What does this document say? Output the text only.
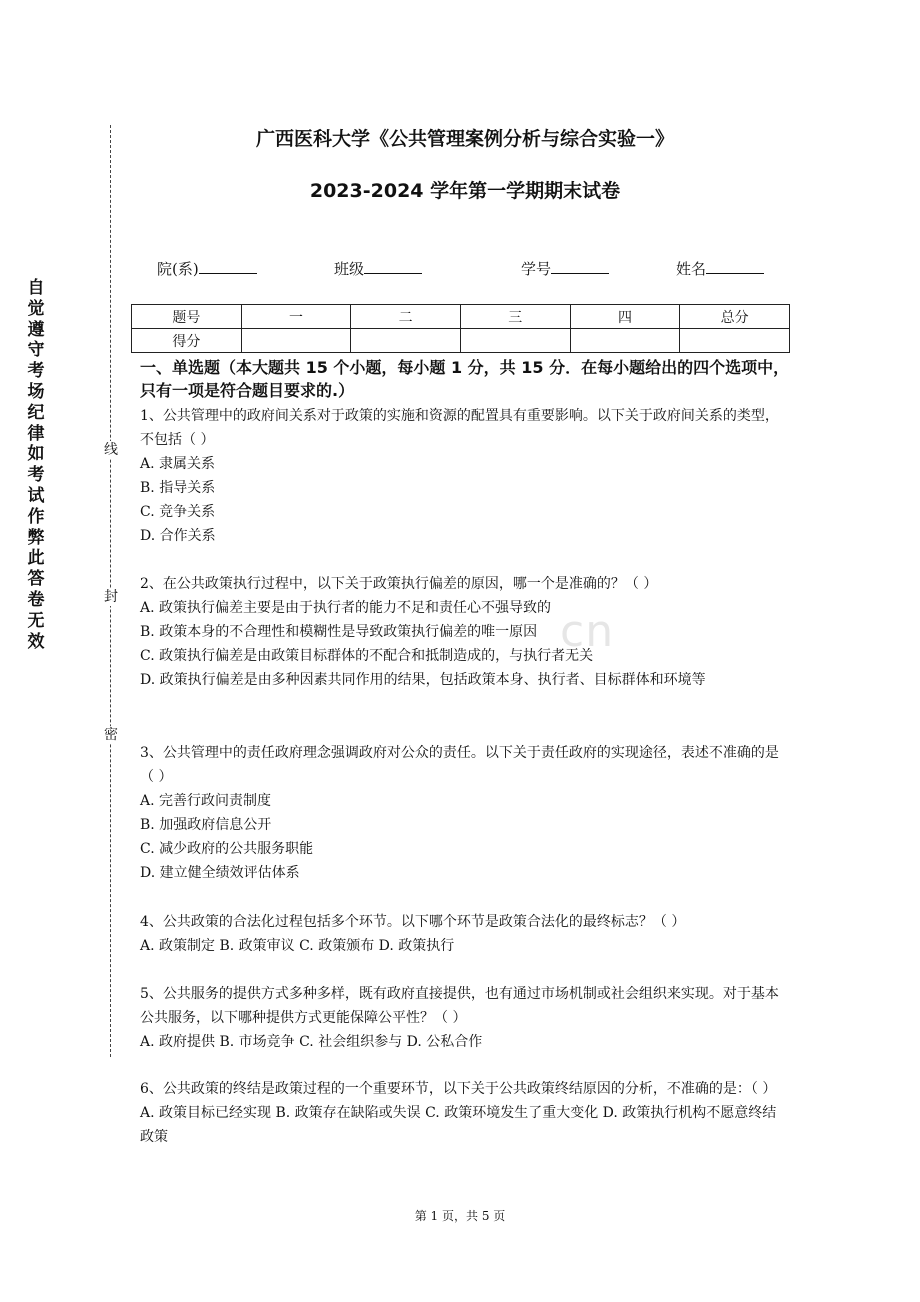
自
觉
遵
守
考
场
纪
律
如
考
试
作
弊
此
答
卷
无
效
线
封
密
广西医科大学《公共管理案例分析与综合实验一》
2023-2024 学年第一学期期末试卷
院(系)	班级	学号	姓名
题号	一	二	三	四	总分
得分					
一、单选题（本大题共 15 个小题，每小题 1 分，共 15 分．在每小题给出的四个选项中，只有一项是符合题目要求的.）
cn

1、公共管理中的政府间关系对于政策的实施和资源的配置具有重要影响。以下关于政府间关系的类型，不包括（ ）

A. 隶属关系

B. 指导关系

C. 竞争关系

D. 合作关系

2、在公共政策执行过程中，以下关于政策执行偏差的原因，哪一个是准确的？（ ）

A. 政策执行偏差主要是由于执行者的能力不足和责任心不强导致的

B. 政策本身的不合理性和模糊性是导致政策执行偏差的唯一原因

C. 政策执行偏差是由政策目标群体的不配合和抵制造成的，与执行者无关

D. 政策执行偏差是由多种因素共同作用的结果，包括政策本身、执行者、目标群体和环境等

3、公共管理中的责任政府理念强调政府对公众的责任。以下关于责任政府的实现途径，表述不准确的是（ ）

A. 完善行政问责制度

B. 加强政府信息公开

C. 减少政府的公共服务职能

D. 建立健全绩效评估体系

4、公共政策的合法化过程包括多个环节。以下哪个环节是政策合法化的最终标志？（ ）

A. 政策制定 B. 政策审议 C. 政策颁布 D. 政策执行

5、公共服务的提供方式多种多样，既有政府直接提供，也有通过市场机制或社会组织来实现。对于基本公共服务，以下哪种提供方式更能保障公平性？（ ）

A. 政府提供 B. 市场竞争 C. 社会组织参与 D. 公私合作

6、公共政策的终结是政策过程的一个重要环节，以下关于公共政策终结原因的分析，不准确的是：（ ）

A. 政策目标已经实现 B. 政策存在缺陷或失误 C. 政策环境发生了重大变化 D. 政策执行机构不愿意终结政策

第 1 页，共 5 页
